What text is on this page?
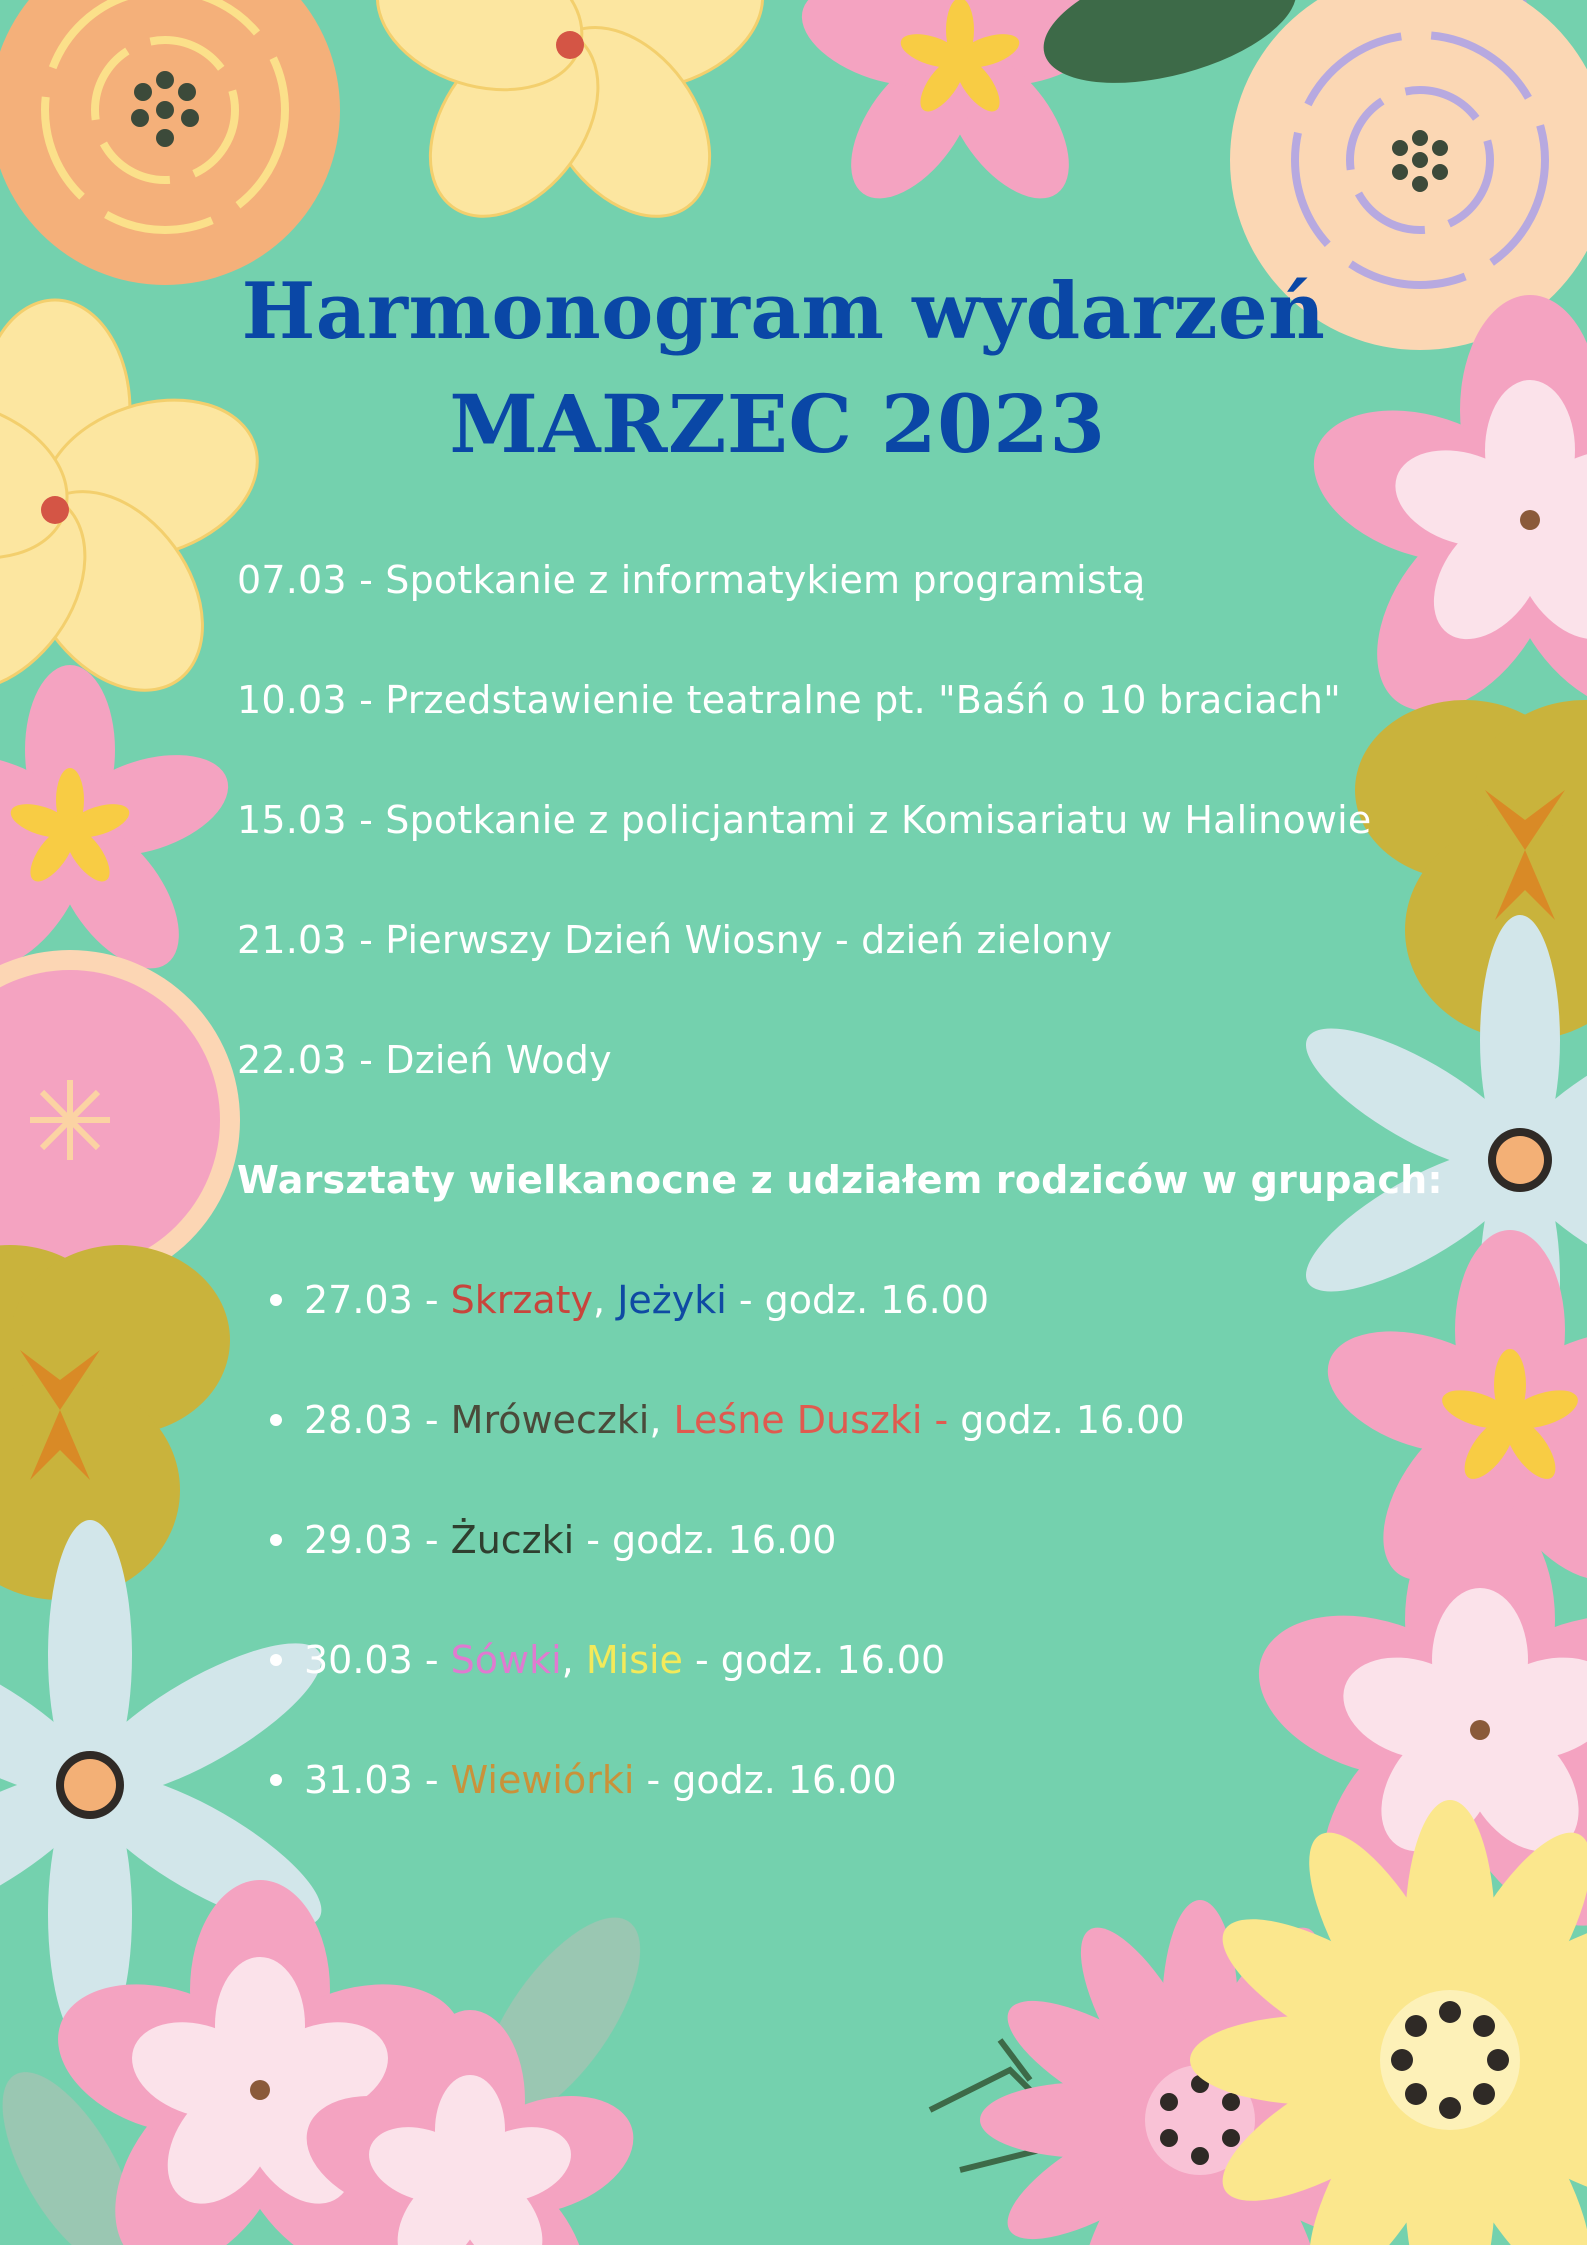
Harmonogram wydarzeń
MARZEC 2023
07.03 - Spotkanie z informatykiem programistą
10.03 - Przedstawienie teatralne pt. "Baśń o 10 braciach"
15.03 - Spotkanie z policjantami z Komisariatu w Halinowie
21.03 - Pierwszy Dzień Wiosny - dzień zielony
22.03 - Dzień Wody
Warsztaty wielkanocne z udziałem rodziców w grupach:
27.03 - Skrzaty, Jeżyki - godz. 16.00
28.03 - Mróweczki, Leśne Duszki - godz. 16.00
29.03 - Żuczki - godz. 16.00
30.03 - Sówki, Misie - godz. 16.00
31.03 - Wiewiórki - godz. 16.00
